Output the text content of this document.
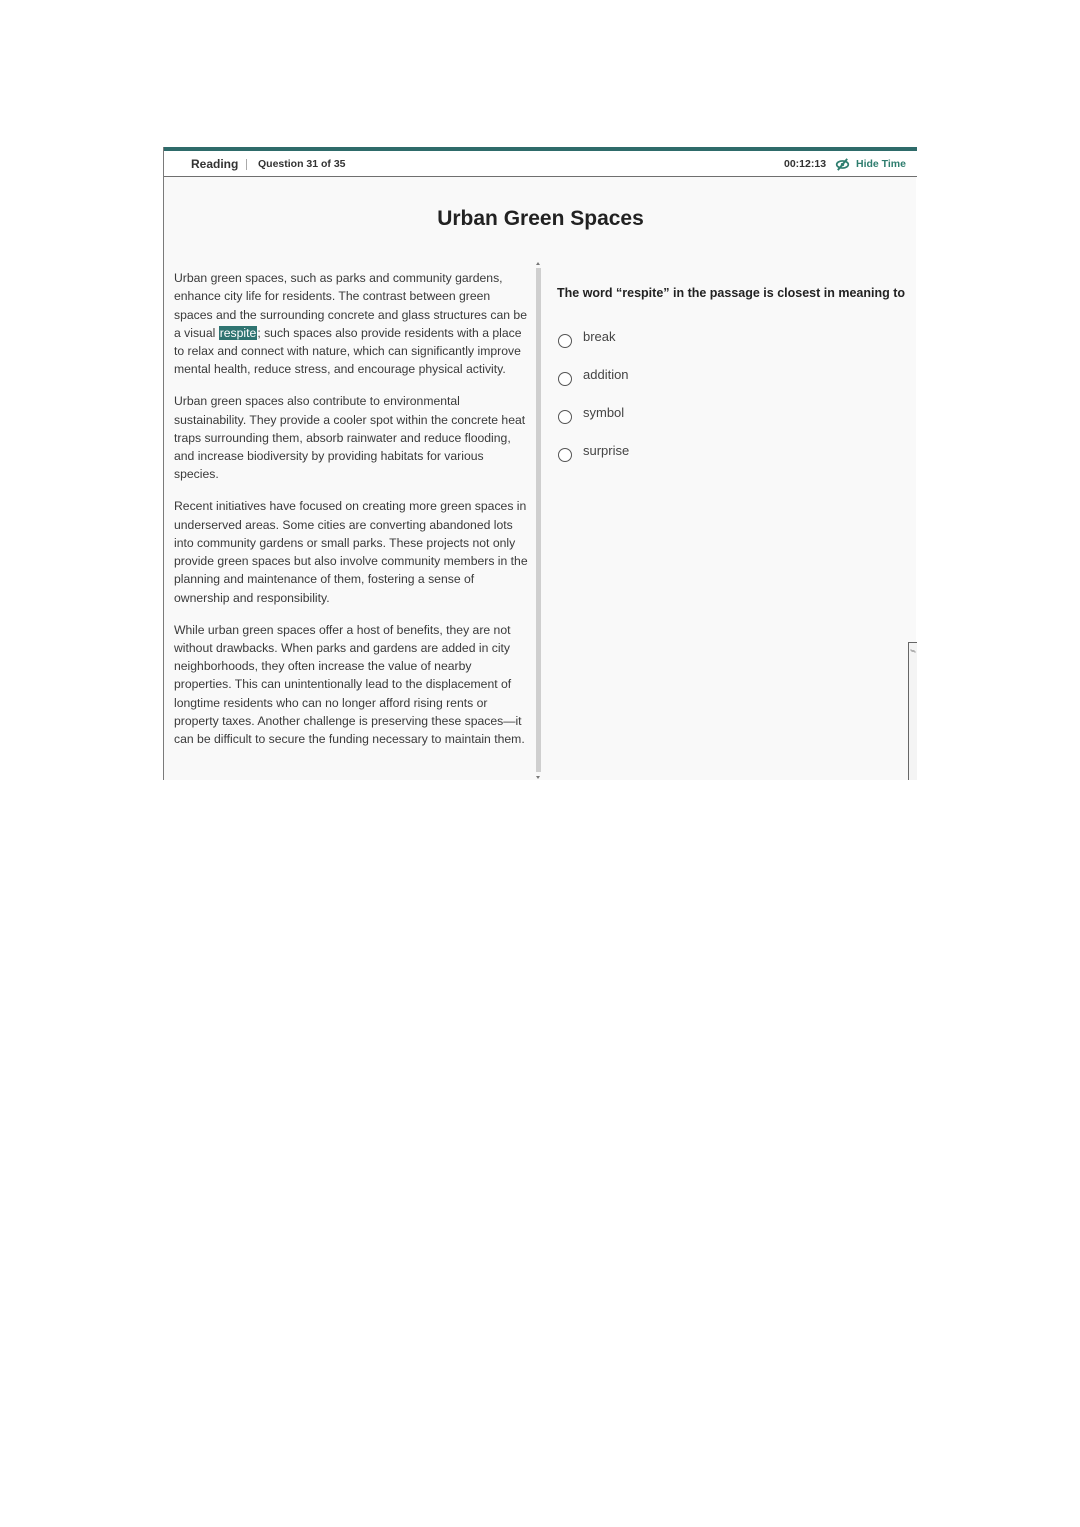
Reading Question 31 of 35	00:12:13	Hide Time
Urban Green Spaces

Urban green spaces, such as parks and community gardens, enhance city life for residents. The contrast between green spaces and the surrounding concrete and glass structures can be a visual respite; such spaces also provide residents with a place to relax and connect with nature, which can significantly improve mental health, reduce stress, and encourage physical activity.

Urban green spaces also contribute to environmental sustainability. They provide a cooler spot within the concrete heat traps surrounding them, absorb rainwater and reduce flooding, and increase biodiversity by providing habitats for various species.

Recent initiatives have focused on creating more green spaces in underserved areas. Some cities are converting abandoned lots into community gardens or small parks. These projects not only provide green spaces but also involve community members in the planning and maintenance of them, fostering a sense of ownership and responsibility.

While urban green spaces offer a host of benefits, they are not without drawbacks. When parks and gardens are added in city neighborhoods, they often increase the value of nearby properties. This can unintentionally lead to the displacement of longtime residents who can no longer afford rising rents or property taxes. Another challenge is preserving these spaces—it can be difficult to secure the funding necessary to maintain them.

The word “respite” in the passage is closest in meaning to
break
addition
symbol
surprise
⫽
